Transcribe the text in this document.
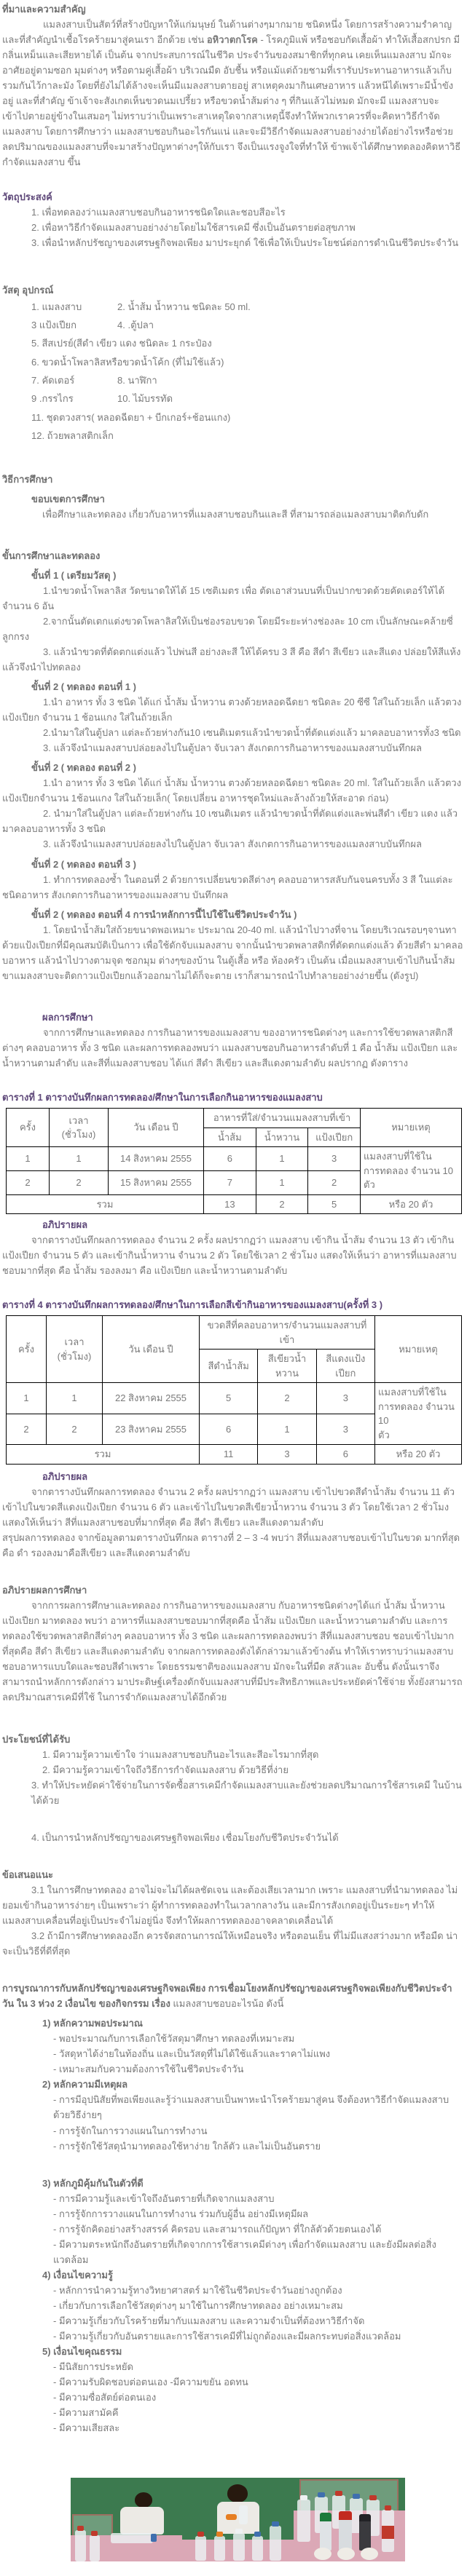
ที่มาและความสำคัญ

แมลงสาบเป็นสัตว์ที่สร้างปัญหาให้แก่มนุษย์ ในด้านต่างๆมากมาย ชนิดหนึ่ง โดยการสร้างความรำคาญ และที่สำคัญนำเชื้อโรคร้ายมาสู่คนเรา อีกด้วย เช่น อหิวาตกโรค - โรคภูมิแพ้ หรือชอบกัดเสื้อผ้า ทำให้เสื้อสกปรก มีกลิ่นเหม็นและเสียหายได้ เป็นต้น จากประสบการณ์ในชีวิต ประจำวันของสมาชิกที่ทุกคน เคยเห็นแมลงสาบ มักจะอาศัยอยู่ตามซอก มุมต่างๆ หรือตามคู่เสื้อผ้า บริเวณมืด อับชื้น หรือแม้แต่ถ้วยชามที่เรารับประทานอาหารแล้วเก็บรวมกันไว้กาละมัง โดยที่ยังไม่ได้ล้างจะเห็นมีแมลงสาบตายอยู่ สาเหตุคงมากินเศษอาหาร แล้วหนีได้เพราะมีน้ำขังอยู่ และที่สำคัญ ข้าเจ้าจะสังเกตเห็นขวดนมเปรี้ยว หรือขวดน้ำส้มต่าง ๆ ที่กินแล้วไม่หมด มักจะมี แมลงสาบจะเข้าไปตายอยู่ข้างในเสมอๆ ไม่ทราบว่าเป็นเพราะสาเหตุใดจากสาเหตุนี้จึงทำให้พวกเราควรที่จะคิดหาวิธีกำจัดแมลงสาบ โดยการศึกษาว่า แมลงสาบชอบกินอะไรกันแน่ และจะมีวิธีกำจัดแมลงสาบอย่างง่ายได้อย่างไรหรือช่วยลดปริมาณของแมลงสาบที่จะมาสร้างปัญหาต่างๆให้กับเรา จึงเป็นแรงจูงใจที่ทำให้ ข้าพเจ้าได้ศึกษาทดลองคิดหาวิธีกำจัดแมลงสาบ ขึ้น

วัตถุประสงค์

1. เพื่อทดลองว่าแมลงสาบชอบกินอาหารชนิดใดและชอบสีอะไร

2. เพื่อหาวิธีกำจัดแมลงสาบอย่างง่ายโดยไมใช้สารเคมี ซึ่งเป็นอันตรายต่อสุขภาพ

3. เพื่อนำหลักปรัชญาของเศรษฐกิจพอเพียง มาประยุกต์ ใช้เพื่อให้เป็นประโยชน์ต่อการดำเนินชีวิตประจำวัน

วัสดุ อุปกรณ์

1. แมลงสาบ	2. น้ำส้ม น้ำหวาน ชนิดละ 50 ml.

3 แป้งเปียก	4. .ตู้ปลา

5. สีสเปรย์(สีดำ เขียว แดง ชนิดละ 1 กระป๋อง

6. ขวดน้ำโพลาลิสหรือขวดน้ำโค้ก (ที่ไม่ใช้แล้ว)

7. คัดเตอร์	8. นาฬิกา

9 .กรรไกร	10. ไม้บรรทัด

11. ชุดตวงสาร( หลอดฉีดยา + บีกเกอร์+ช้อนแกง)

12. ถ้วยพลาสติกเล็ก

วิธีการศึกษา

ขอบเขตการศึกษา

เพื่อศึกษาและทดลอง เกี่ยวกับอาหารที่แมลงสาบชอบกินและสี ที่สามารถล่อแมลงสาบมาติดกับดัก

ขั้นการศึกษาและทดลอง

ขั้นที่ 1 ( เตรียมวัสดุ )

1.นำขวดน้ำโพลาลิส วัดขนาดให้ได้ 15 เซติเมตร เพื่อ ตัดเอาส่วนบนที่เป็นปากขวดด้วยคัดเตอร์ให้ได้ จำนวน 6 อัน

2.จากนั้นตัดเตกแต่งขวดโพลาลิสให้เป็นช่องรอบขวด โดยมีระยะห่างช่องละ 10 cm เป็นลักษณะคล้ายซี่ลูกกรง

3. แล้วนำขวดที่ตัดตกแต่งแล้ว ไปพ่นสี อย่างละสี ให้ได้ครบ 3 สี คือ สีดำ สีเขียว และสีแดง ปล่อยให้สีแห้ง แล้วจึงนำไปทดลอง

ขั้นที่ 2 ( ทดลอง ตอนที่ 1 )

1.นำ อาหาร ทั้ง 3 ชนิด ได้แก่ น้ำส้ม น้ำหวาน ตวงด้วยหลอดฉีดยา ชนิดละ 20 ซีซี ใส่ในถ้วยเล็ก แล้วตวงแป้งเปียก จำนวน 1 ช้อนแกง ใส่ในถ้วยเล็ก

2.นำมาใส่ในตู้ปลา แต่ละถ้วยห่างกัน10 เซนติเมตรแล้วนำขวดน้ำที่ตัดแต่งแล้ว มาคลอบอาหารทั้ง3 ชนิด

3. แล้วจึงนำแมลงสาบปล่อยลงไปในตู้ปลา จับเวลา สังเกตการกินอาหารของแมลงสาบบันทึกผล

ขั้นที่ 2 ( ทดลอง ตอนที่ 2 )

1.นำ อาหาร ทั้ง 3 ชนิด ได้แก่ น้ำส้ม น้ำหวาน ตวงด้วยหลอดฉีดยา ชนิดละ 20 ml. ใส่ในถ้วยเล็ก แล้วตวงแป้งเปียกจำนวน 1ช้อนแกง ใส่ในถ้วยเล็ก( โดยเปลี่ยน อาหารชุดใหม่และล้างถ้วยให้สะอาด ก่อน)

2. นำมาใส่ในตู้ปลา แต่ละถ้วยห่างกัน 10 เซนติเมตร แล้วนำขวดน้ำที่ตัดแต่งและพ่นสีดำ เขียว แดง แล้ว มาคลอบอาหารทั้ง 3 ชนิด

3. แล้วจึงนำแมลงสาบปล่อยลงไปในตู้ปลา จับเวลา สังเกตการกินอาหารของแมลงสาบบันทึกผล

ขั้นที่ 2 ( ทดลอง ตอนที่ 3 )

1. ทำการทดลองซ้ำ ในตอนที่ 2 ด้วยการเปลี่ยนขวดสีต่างๆ คลอบอาหารสลับกันจนครบทั้ง 3 สี ในแต่ละชนิดอาหาร สังเกตการกินอาหารของแมลงสาบ บันทึกผล

ขั้นที่ 2 ( ทดลอง ตอนที่ 4 การนำหลักการนี้ไปใช้ในชีวิตประจำวัน )

1. โดยนำน้ำส้มใส่ถ้วยขนาดพอเหมาะ ประมาณ 20-40 ml. แล้วนำไปวางที่จาน โดยบริเวณรอบๆจานทาด้วยแป้งเปียกที่มีคุณสมบัติเป็นกาว เพื่อใช้ดักจับแมลงสาบ จากนั้นนำขวดพลาสติกที่ตัดตกแต่งแล้ว ด้วยสีดำ มาคลอบอาหาร แล้วนำไปวางตามจุด ซอกมุม ต่างๆของบ้าน ในตู้เสื้อ หรือ ห้องครัว เป็นต้น เมื่อแมลงสาบเข้าไปกินน้ำส้ม ขาแมลงสาบจะติดกาวแป้งเปียกแล้วออกมาไม่ได้ก็จะตาย เราก็สามารถนำไปทำลายอย่างง่ายขึ้น (ดังรูป)

ผลการศึกษา

จากการศึกษาและทดลอง การกินอาหารของแมลงสาบ ของอาหารชนิดต่างๆ และการใช้ขวดพลาสติกสีต่างๆ คลอบอาหาร ทั้ง 3 ชนิด และผลการทดลองพบว่า แมลงสาบชอบกินอาหารลำดับที่ 1 คือ น้ำส้ม แป้งเปียก และน้ำหวานตามลำดับ และสีที่แมลงสาบชอบ ได้แก่ สีดำ สีเขียว และสีแดงตามลำดับ ผลปรากฏ ดังตาราง

ตารางที่ 1 ตารางบันทึกผลการทดลอง/ศึกษาในการเลือกกินอาหารของแมลงสาบ

ครั้ง	เวลา
(ชั่วโมง)	วัน เดือน ปี	อาหารที่ใส่/จำนวนแมลงสาบที่เข้า			หมายเหตุ
			น้ำส้ม	น้ำหวาน	แป้งเปียก	
1	1	14 สิงหาคม 2555	6	1	3	แมลงสาบที่ใช้ใน
การทดลอง จำนวน 10 ตัว

2	2	15 สิงหาคม 2555	7	1	2	
รวม			13	2	5	หรือ 20 ตัว

อภิปรายผล

จากตารางบันทึกผลการทดลอง จำนวน 2 ครั้ง ผลปรากฏว่า แมลงสาบ เข้ากิน น้ำส้ม จำนวน 13 ตัว เข้ากินแป้งเปียก จำนวน 5 ตัว และเข้ากินน้ำหวาน จำนวน 2 ตัว โดยใช้เวลา 2 ชั่วโมง แสดงให้เห็นว่า อาหารที่แมลงสาบชอบมากที่สุด คือ น้ำส้ม รองลงมา คือ แป้งเปียก และน้ำหวานตามลำดับ

ตารางที่ 4 ตารางบันทึกผลการทดลอง/ศึกษาในการเลือกสีเข้ากินอาหารของแมลงสาบ(ครั้งที่ 3 )

ครั้ง	เวลา
(ชั่วโมง)	วัน เดือน ปี	ขวดสีที่คลอบอาหาร/จำนวนแมลงสาบที่เข้า			หมายเหตุ
			สีดำน้ำส้ม	สีเขียวน้ำหวาน	สีแดงแป้งเปียก	
1	1	22 สิงหาคม 2555	5	2	3	แมลงสาบที่ใช้ใน
การทดลอง จำนวน 10
ตัว

2	2	23 สิงหาคม 2555	6	1	3	
รวม			11	3	6	หรือ 20 ตัว

อภิปรายผล

จากตารางบันทึกผลการทดลอง จำนวน 2 ครั้ง ผลปรากฏว่า แมลงสาบ เข้าไปขวดสีดำน้ำส้ม จำนวน 11 ตัว เข้าไปในขวดสีแดงแป้งเปียก จำนวน 6 ตัว และเข้าไปในขวดสีเขียวน้ำหวาน จำนวน 3 ตัว โดยใช้เวลา 2 ชั่วโมง แสดงให้เห็นว่า สีที่แมลงสาบชอบที่มากที่สุด คือ สีดำ สีเขียว และสีแดงตามลำดับ

สรุปผลการทดลอง จากข้อมูลตามตารางบันทึกผล ตารางที่ 2 – 3 -4 พบว่า สีที่แมลงสาบชอบเข้าไปในขวด มากที่สุด คือ ดำ รองลงมาคือสีเขียว และสีแดงตามลำดับ

อภิปรายผลการศึกษา

จากการผลการศึกษาและทดลอง การกินอาหารของแมลงสาบ กับอาหารชนิดต่างๆได้แก่ น้ำส้ม น้ำหวาน แป้งเปียก มาทดลอง พบว่า อาหารที่แมลงสาบชอบมากที่สุดคือ น้ำส้ม แป้งเปียก และน้ำหวานตามลำดับ และการทดลองใช้ขวดพลาสติกสีต่างๆ คลอบอาหาร ทั้ง 3 ชนิด และผลการทดลองพบว่า สีที่แมลงสาบชอบ ชอบเข้าไปมากที่สุดคือ สีดำ สีเขียว และสีแดงตามลำดับ จากผลการทดลองดังได้กล่าวมาแล้วข้างต้น ทำให้เราทราบว่าแมลงสาบชอบอาหารแบบใดและชอบสีดำเพราะ โดยธรรมชาติของแมลงสาบ มักจะในที่มืด สลัวและ อับชื้น ดังนั้นเราจึงสามารถนำหลักการดังกล่าว มาประดิษฐ์เครื่องดักจับแมลงสาบที่มีประสิทธิภาพและประหยัดค่าใช้จ่าย ทั้งยังสามารถลดปริมาณสารเคมีที่ใช้ ในการจำกัดแมลงสาบได้อีกด้วย

ประโยชน์ที่ได้รับ

1. มีความรู้ความเข้าใจ ว่าแมลงสาบชอบกินอะไรและสีอะไรมากที่สุด

2. มีความรู้ความเข้าใจถึงวิธีการกำจัดแมลงสาบ ด้วยวิธีที่ง่าย

3. ทำให้ประหยัดค่าใช้จ่ายในการจัดซื้อสารเคมีกำจัดแมลงสาบและยังช่วยลดปริมาณการใช้สารเคมี ในบ้านได้ด้วย

4. เป็นการนำหลักปรัชญาของเศรษฐกิจพอเพียง เชื่อมโยงกับชีวิตประจำวันได้

ข้อเสนอแนะ

3.1 ในการศึกษาทดลอง อาจไม่จะไม่ได้ผลชัดเจน และต้องเสียเวลามาก เพราะ แมลงสาบที่นำมาทดลอง ไม่ยอมเข้ากินอาหารง่ายๆ เป็นเพราะว่า ผู้ทำการทดลองทำในเวลากลางวัน และมีการสังเกตอยู่เป็นระยะๆ ทำให้แมลงสาบเคลื่อนที่อยู่เป็นประจำไม่อยู่นิ่ง จึงทำให้ผลการทดลองอาจคลาดเคลื่อนได้

3.2 ถ้ามีการศึกษาทดลองอีก ควรจัดสถานการณ์ให้เหมือนจริง หรือตอนเย็น ที่ไม่มีแสงสว่างมาก หรือมืด น่าจะเป็นวิธีที่ดีที่สุด

การบูรณาการกับหลักปรัชญาของเศรษฐกิจพอเพียง การเชื่อมโยงหลักปรัชญาของเศรษฐกิจพอเพียงกับชีวิตประจำวัน ใน 3 ห่วง 2 เงื่อนไข ของกิจกรรม เรื่อง แมลงสาบชอบอะไรน้อ ดังนี้

1) หลักความพอประมาณ

- พอประมาณกับการเลือกใช้วัสดุมาศึกษา ทดลองที่เหมาะสม

- วัสดุหาได้ง่ายในท้องถิ่น และเป็นวัสดุที่ไม่ได้ใช้แล้วและราคาไม่แพง

- เหมาะสมกับความต้องการใช้ในชีวิตประจำวัน

2) หลักความมีเหตุผล

- การมีอุปนิสัยที่พอเพียงและรู้ว่าแมลงสาบเป็นพาหะนำโรคร้ายมาสู่คน จึงต้องหาวิธีกำจัดแมลงสาบด้วยวิธีง่ายๆ

- การรู้จักในการวางแผนในการทำงาน

- การรู้จักใช้วัสดุนำมาทดลองใช้หาง่าย ใกล้ตัว และไม่เป็นอันตราย

3) หลักภูมิคุ้มกันในตัวที่ดี

- การมีความรู้และเข้าใจถึงอันตรายที่เกิดจากแมลงสาบ

- การรู้จักการวางแผนในการทำงาน ร่วมกับผู้อื่น อย่างมีเหตุมีผล

- การรู้จักคิดอย่างสร้างสรรค์ คิดรอบ และสามารถแก้ปัญหา ที่ใกล้ตัวด้วยตนเองได้

- มีความตระหนักถึงอันตรายที่เกิดจากการใช้สารเคมีต่างๆ เพื่อกำจัดแมลงสาบ และยังมีผลต่อสิ่งแวดล้อม

4) เงื่อนไขความรู้

- หลักการนำความรู้ทางวิทยาศาสตร์ มาใช้ในชีวิตประจำวันอย่างถูกต้อง

- เกี่ยวกับการเลือกใช้วัสดุต่างๆ มาใช้ในการศึกษาทดลอง อย่างเหมาะสม

- มีความรู้เกี่ยวกับโรคร้ายที่มากับแมลงสาบ และความจำเป็นที่ต้องหาวิธีกำจัด

- มีความรู้เกี่ยวกับอันตรายและการใช้สารเคมีที่ไม่ถูกต้องและมีผลกระทบต่อสิ่งแวดล้อม

5) เงื่อนไขคุณธรรม

- มีนิสัยการประหยัด

- มีความรับผิดชอบต่อตนเอง -มีความขยัน อดทน

- มีความซื่อสัตย์ต่อตนเอง

- มีความสามัคคี

- มีความเสียสละ
